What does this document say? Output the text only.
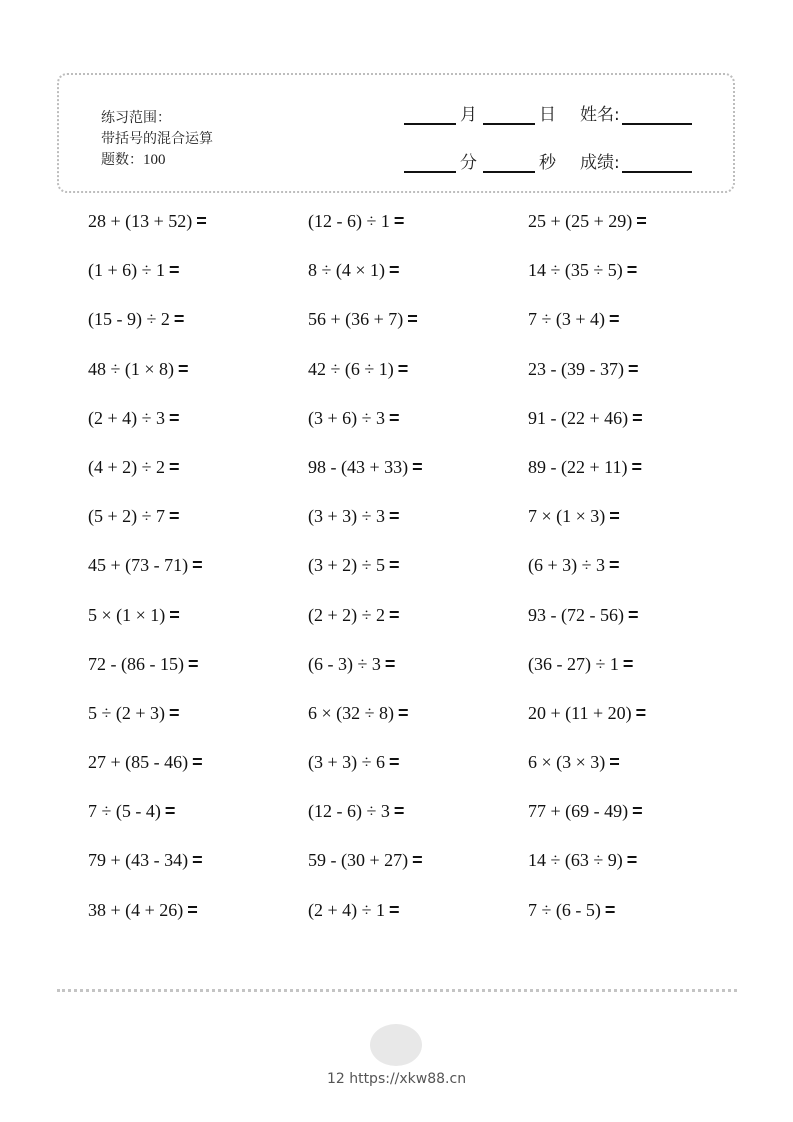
练习范围：
带括号的混合运算
题数：100
月	日 姓名:
分	秒 成绩:
28 + (13 + 52) =	(12 - 6) ÷ 1 =	25 + (25 + 29) =
(1 + 6) ÷ 1 =	8 ÷ (4 × 1) =	14 ÷ (35 ÷ 5) =
(15 - 9) ÷ 2 =	56 + (36 + 7) =	7 ÷ (3 + 4) =
48 ÷ (1 × 8) =	42 ÷ (6 ÷ 1) =	23 - (39 - 37) =
(2 + 4) ÷ 3 =	(3 + 6) ÷ 3 =	91 - (22 + 46) =
(4 + 2) ÷ 2 =	98 - (43 + 33) =	89 - (22 + 11) =
(5 + 2) ÷ 7 =	(3 + 3) ÷ 3 =	7 × (1 × 3) =
45 + (73 - 71) =	(3 + 2) ÷ 5 =	(6 + 3) ÷ 3 =
5 × (1 × 1) =	(2 + 2) ÷ 2 =	93 - (72 - 56) =
72 - (86 - 15) =	(6 - 3) ÷ 3 =	(36 - 27) ÷ 1 =
5 ÷ (2 + 3) =	6 × (32 ÷ 8) =	20 + (11 + 20) =
27 + (85 - 46) =	(3 + 3) ÷ 6 =	6 × (3 × 3) =
7 ÷ (5 - 4) =	(12 - 6) ÷ 3 =	77 + (69 - 49) =
79 + (43 - 34) =	59 - (30 + 27) =	14 ÷ (63 ÷ 9) =
38 + (4 + 26) =	(2 + 4) ÷ 1 =	7 ÷ (6 - 5) =
12 https://xkw88.cn
